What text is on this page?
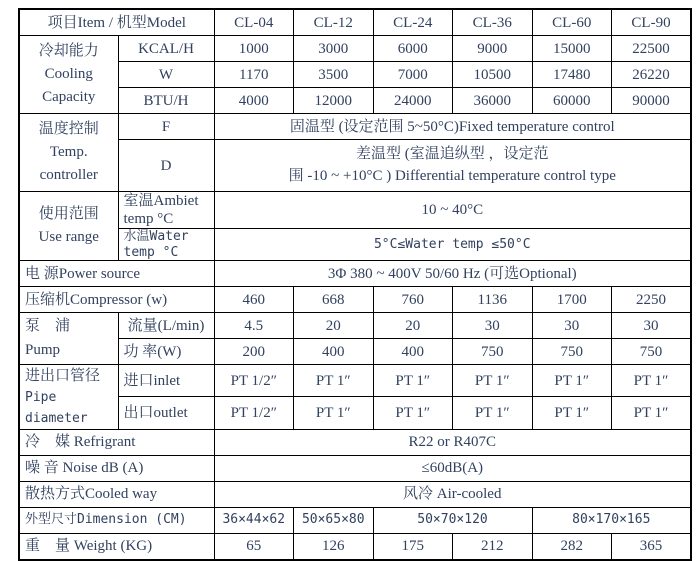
项目Item / 机型Model		CL-04	CL-12	CL-24	CL-36	CL-60	CL-90

冷却能力
Cooling
Capacity	KCAL/H	1000	3000	6000	9000	15000	22500
	W	1170	3500	7000	10500	17480	26220
	BTU/H	4000	12000	24000	36000	60000	90000

温度控制
Temp.
controller	F	固温型 (设定范围 5~50°C)Fixed temperature control					
	D	差温型 (室温追纵型 ，设定范
围 -10 ~ +10°C ) Differential temperature control type					

使用范围
Use range	室温Ambiet temp °C	10 ~ 40°C					
	水温Water temp °C	5°C≤Water temp ≤50°C					
电 源Power source		3Φ 380 ~ 400V 50/60 Hz (可选Optional)					
压缩机Compressor (w)		460	668	760	1136	1700	2250

泵　浦
Pump	流量(L/min)	4.5	20	20	30	30	30
	功 率(W)	200	400	400	750	750	750

进出口管径
Pipe diameter	进口inlet	PT 1/2″	PT 1″	PT 1″	PT 1″	PT 1″	PT 1″
	出口outlet	PT 1/2″	PT 1″	PT 1″	PT 1″	PT 1″	PT 1″
冷　媒 Refrigrant		R22 or R407C					
噪 音 Noise dB (A)		≤60dB(A)					
散热方式Cooled way		风冷 Air-cooled					
外型尺寸Dimension (CM)		36×44×62	50×65×80	50×70×120		80×170×165	
重　量 Weight (KG)		65	126	175	212	282	365
